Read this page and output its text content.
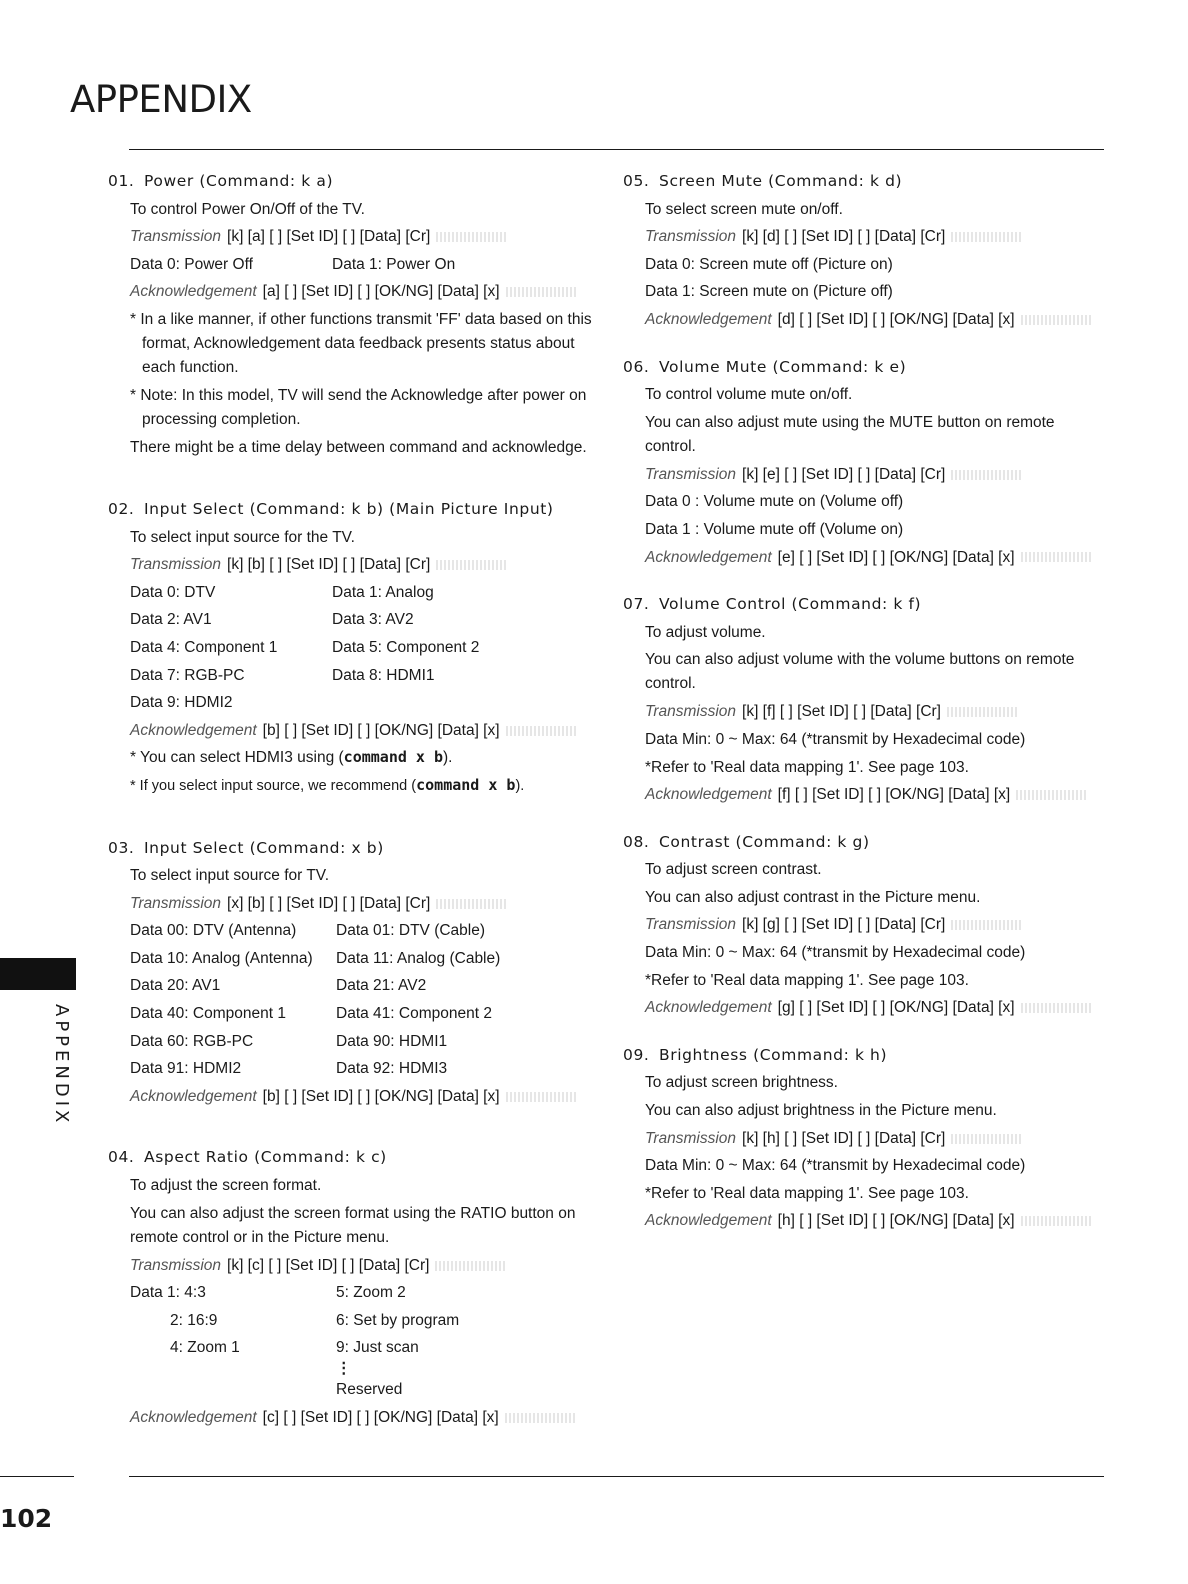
APPENDIX
APPENDIX
01. Power (Command: k a)
To control Power On/Off of the TV.
Transmission [k] [a] [ ] [Set ID] [ ] [Data] [Cr]
Data 0: Power Off	Data 1: Power On
Acknowledgement [a] [ ] [Set ID] [ ] [OK/NG] [Data] [x]
* In a like manner, if other functions transmit 'FF' data based on this format, Acknowledgement data feedback presents status about each function.
* Note: In this model, TV will send the Acknowledge after power on processing completion.
There might be a time delay between command and acknowledge.
02. Input Select (Command: k b) (Main Picture Input)
To select input source for the TV.
Transmission [k] [b] [ ] [Set ID] [ ] [Data] [Cr]
Data 0: DTV	Data 1: Analog
Data 2: AV1	Data 3: AV2
Data 4: Component 1	Data 5: Component 2
Data 7: RGB-PC	Data 8: HDMI1
Data 9: HDMI2
Acknowledgement [b] [ ] [Set ID] [ ] [OK/NG] [Data] [x]
* You can select HDMI3 using (command x b).
* If you select input source, we recommend (command x b).
03. Input Select (Command: x b)
To select input source for TV.
Transmission [x] [b] [ ] [Set ID] [ ] [Data] [Cr]
Data 00: DTV (Antenna)	Data 01: DTV (Cable)
Data 10: Analog (Antenna)	Data 11: Analog (Cable)
Data 20: AV1	Data 21: AV2
Data 40: Component 1	Data 41: Component 2
Data 60: RGB-PC	Data 90: HDMI1
Data 91: HDMI2	Data 92: HDMI3
Acknowledgement [b] [ ] [Set ID] [ ] [OK/NG] [Data] [x]
04. Aspect Ratio (Command: k c)
To adjust the screen format.
You can also adjust the screen format using the RATIO button on remote control or in the Picture menu.
Transmission [k] [c] [ ] [Set ID] [ ] [Data] [Cr]
Data 1: 4:3	5: Zoom 2
2: 16:9	6: Set by program
4: Zoom 1	9: Just scan
⋮
Reserved
Acknowledgement [c] [ ] [Set ID] [ ] [OK/NG] [Data] [x]
05. Screen Mute (Command: k d)
To select screen mute on/off.
Transmission [k] [d] [ ] [Set ID] [ ] [Data] [Cr]
Data 0: Screen mute off (Picture on)
Data 1: Screen mute on (Picture off)
Acknowledgement [d] [ ] [Set ID] [ ] [OK/NG] [Data] [x]
06. Volume Mute (Command: k e)
To control volume mute on/off.
You can also adjust mute using the MUTE button on remote control.
Transmission [k] [e] [ ] [Set ID] [ ] [Data] [Cr]
Data 0 : Volume mute on (Volume off)
Data 1 : Volume mute off (Volume on)
Acknowledgement [e] [ ] [Set ID] [ ] [OK/NG] [Data] [x]
07. Volume Control (Command: k f)
To adjust volume.
You can also adjust volume with the volume buttons on remote control.
Transmission [k] [f] [ ] [Set ID] [ ] [Data] [Cr]
Data Min: 0 ~ Max: 64 (*transmit by Hexadecimal code)
*Refer to 'Real data mapping 1'. See page 103.
Acknowledgement [f] [ ] [Set ID] [ ] [OK/NG] [Data] [x]
08. Contrast (Command: k g)
To adjust screen contrast.
You can also adjust contrast in the Picture menu.
Transmission [k] [g] [ ] [Set ID] [ ] [Data] [Cr]
Data Min: 0 ~ Max: 64 (*transmit by Hexadecimal code)
*Refer to 'Real data mapping 1'. See page 103.
Acknowledgement [g] [ ] [Set ID] [ ] [OK/NG] [Data] [x]
09. Brightness (Command: k h)
To adjust screen brightness.
You can also adjust brightness in the Picture menu.
Transmission [k] [h] [ ] [Set ID] [ ] [Data] [Cr]
Data Min: 0 ~ Max: 64 (*transmit by Hexadecimal code)
*Refer to 'Real data mapping 1'. See page 103.
Acknowledgement [h] [ ] [Set ID] [ ] [OK/NG] [Data] [x]
102
